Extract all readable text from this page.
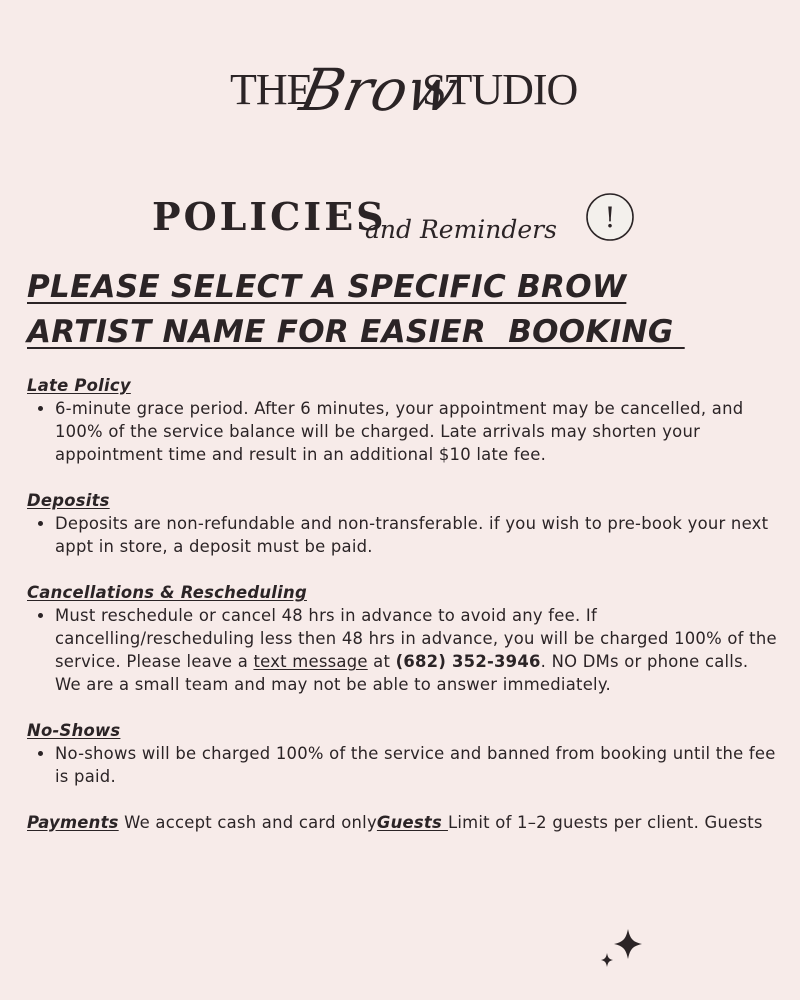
THE
Brow
STUDIO
POLICIES
and Reminders !
PLEASE SELECT A SPECIFIC BROW
ARTIST NAME FOR EASIER  BOOKING
Late Policy
• 6-minute grace period. After 6 minutes, your appointment may be cancelled, and 100% of the service balance will be charged. Late arrivals may shorten your appointment time and result in an additional $10 late fee.
Deposits
• Deposits are non-refundable and non-transferable. if you wish to pre-book your next appt in store, a deposit must be paid.
Cancellations & Rescheduling
• Must reschedule or cancel 48 hrs in advance to avoid any fee. If cancelling/rescheduling less then 48 hrs in advance, you will be charged 100% of the service. Please leave a text message at (682) 352-3946. NO DMs or phone calls. We are a small team and may not be able to answer immediately.
No-Shows
• No-shows will be charged 100% of the service and banned from booking until the fee is paid.
Payments We accept cash and card onlyGuests Limit of 1–2 guests per client. Guests
